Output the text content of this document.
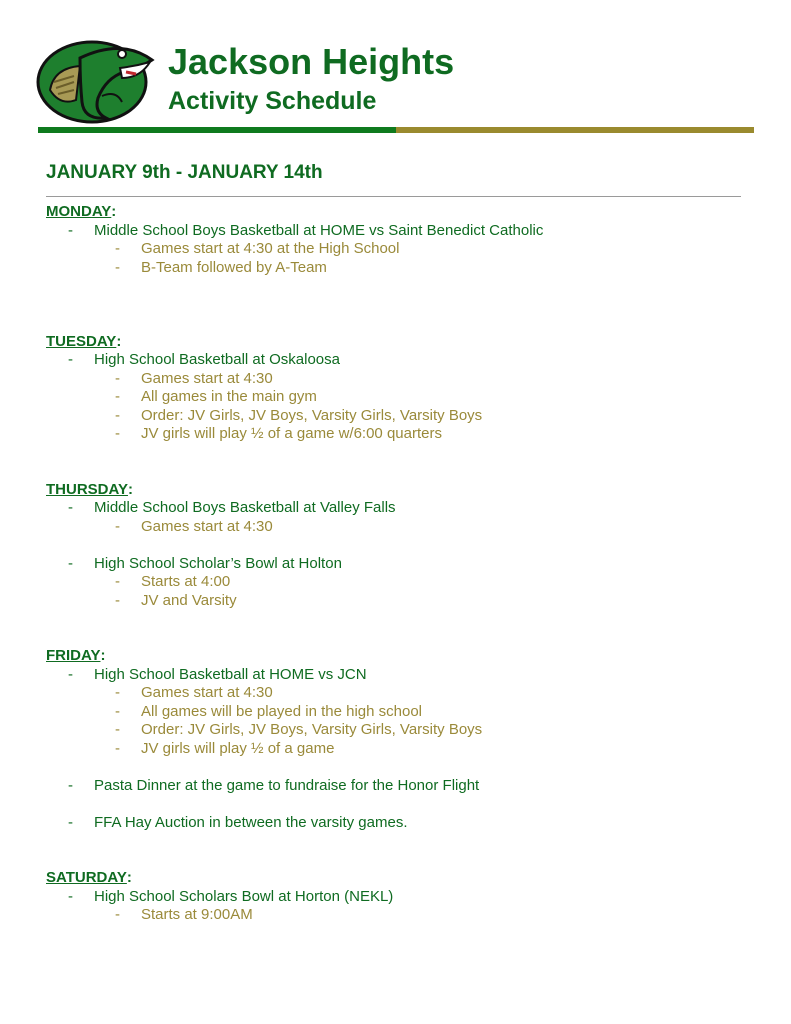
Jackson Heights
Activity Schedule
JANUARY 9th - JANUARY 14th
MONDAY :
-	Middle School Boys Basketball at HOME vs Saint Benedict Catholic
-	Games start at 4:30 at the High School
-	B-Team followed by A-Team
TUESDAY :
-	High School Basketball at Oskaloosa
-	Games start at 4:30
-	All games in the main gym
-	Order: JV Girls, JV Boys, Varsity Girls, Varsity Boys
-	JV girls will play ½ of a game w/6:00 quarters
THURSDAY :
-	Middle School Boys Basketball at Valley Falls
-	Games start at 4:30
-	High School Scholar’s Bowl at Holton
-	Starts at 4:00
-	JV and Varsity
FRIDAY :
-	High School Basketball at HOME vs JCN
-	Games start at 4:30
-	All games will be played in the high school
-	Order: JV Girls, JV Boys, Varsity Girls, Varsity Boys
-	JV girls will play ½ of a game
-	Pasta Dinner at the game to fundraise for the Honor Flight
-	FFA Hay Auction in between the varsity games.
SATURDAY :
-	High School Scholars Bowl at Horton (NEKL)
-	Starts at 9:00AM
